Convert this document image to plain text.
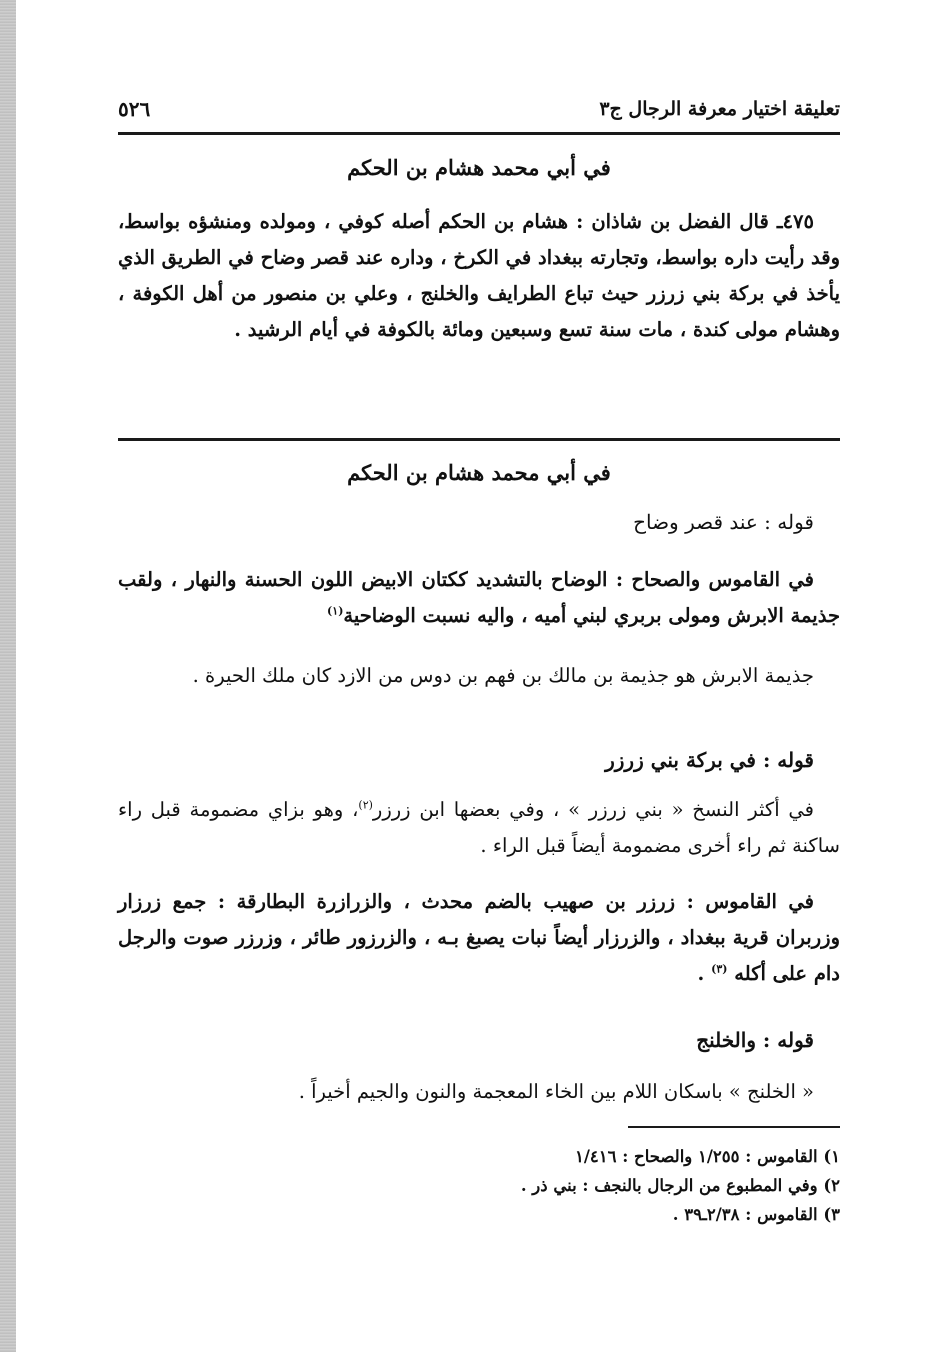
تعليقة اختيار معرفة الرجال ج٣
٥٢٦
في أبي محمد هشام بن الحكم
٤٧٥ـ قال الفضل بن شاذان : هشام بن الحكم أصله كوفي ، ومولده ومنشؤه بواسط، وقد رأيت داره بواسط، وتجارته ببغداد في الكرخ ، وداره عند قصر وضاح في الطريق الذي يأخذ في بركة بني زرزر حيث تباع الطرايف والخلنج ، وعلي بن منصور من أهل الكوفة ، وهشام مولى كندة ، مات سنة تسع وسبعين ومائة بالكوفة في أيام الرشيد .
في أبي محمد هشام بن الحكم
قوله : عند قصر وضاح
في القاموس والصحاح : الوضاح بالتشديد ككتان الابيض اللون الحسنة والنهار ، ولقب جذيمة الابرش ومولى بربري لبني أميه ، واليه نسبت الوضاحية$^{(١)}$
جذيمة الابرش هو جذيمة بن مالك بن فهم بن دوس من الازد كان ملك الحيرة .
قوله : في بركة بني زرزر
في أكثر النسخ « بني زرزر » ، وفي بعضها ابن زرزر$^{(٢)}$، وهو بزاي مضمومة قبل راء ساكنة ثم راء أخرى مضمومة أيضاً قبل الراء .
في القاموس : زرزر بن صهيب بالضم محدث ، والزرازرة البطارقة : جمع زرزار وزربران قرية ببغداد ، والزرزار أيضاً نبات يصبغ بـه ، والزرزور طائر ، وزرزر صوت والرجل دام على أكله $^{(٣)}$ .
قوله : والخلنج
« الخلنج » باسكان اللام بين الخاء المعجمة والنون والجيم أخيراً .
١) القاموس : ١/٢٥٥ والصحاح : ١/٤١٦
٢) وفي المطبوع من الرجال بالنجف : بني ذر .
٣) القاموس : ٢/٣٨ـ٣٩ .
